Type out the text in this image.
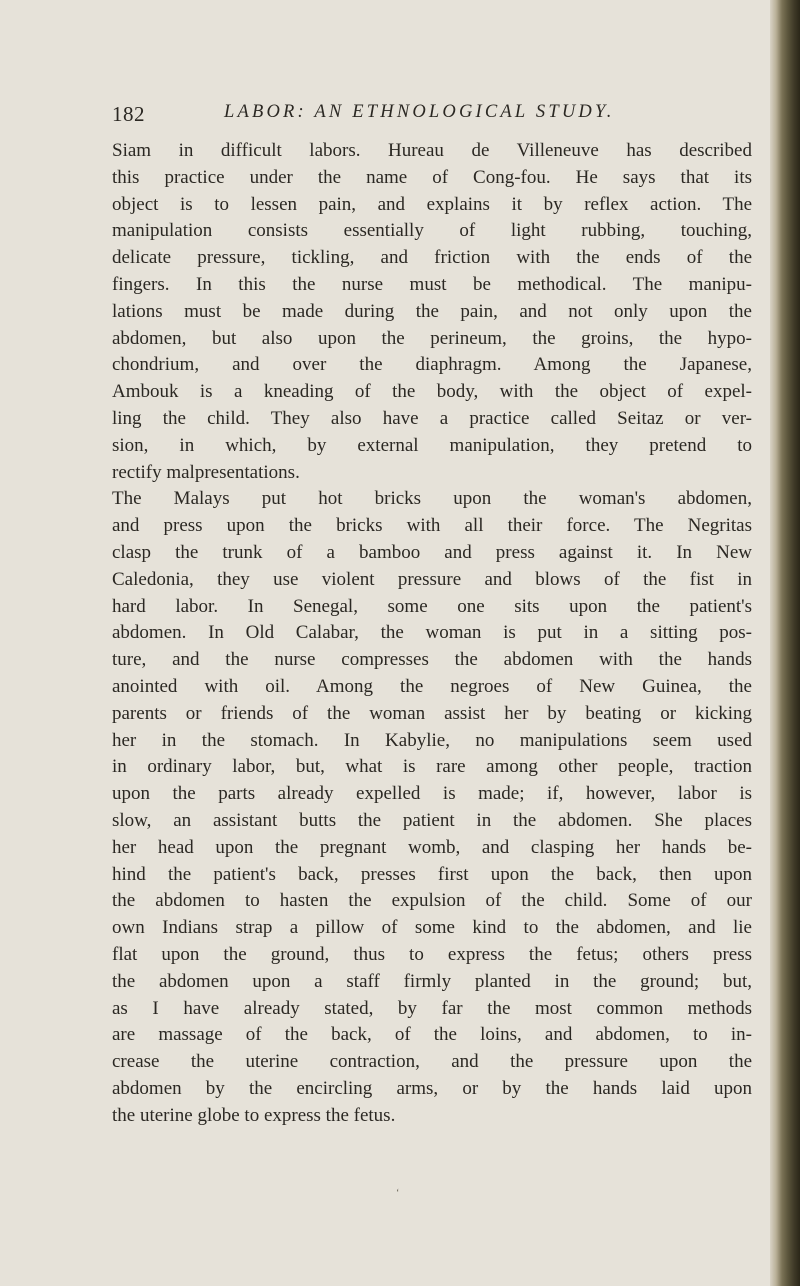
182	LABOR: AN ETHNOLOGICAL STUDY.
Siam in difficult labors. Hureau de Villeneuve has described
this practice under the name of Cong-fou. He says that its
object is to lessen pain, and explains it by reflex action. The
manipulation consists essentially of light rubbing, touching,
delicate pressure, tickling, and friction with the ends of the
fingers. In this the nurse must be methodical. The manipu-
lations must be made during the pain, and not only upon the
abdomen, but also upon the perineum, the groins, the hypo-
chondrium, and over the diaphragm. Among the Japanese,
Ambouk is a kneading of the body, with the object of expel-
ling the child. They also have a practice called Seitaz or ver-
sion, in which, by external manipulation, they pretend to
rectify malpresentations.
The Malays put hot bricks upon the woman's abdomen,
and press upon the bricks with all their force. The Negritas
clasp the trunk of a bamboo and press against it. In New
Caledonia, they use violent pressure and blows of the fist in
hard labor. In Senegal, some one sits upon the patient's
abdomen. In Old Calabar, the woman is put in a sitting pos-
ture, and the nurse compresses the abdomen with the hands
anointed with oil. Among the negroes of New Guinea, the
parents or friends of the woman assist her by beating or kicking
her in the stomach. In Kabylie, no manipulations seem used
in ordinary labor, but, what is rare among other people, traction
upon the parts already expelled is made; if, however, labor is
slow, an assistant butts the patient in the abdomen. She places
her head upon the pregnant womb, and clasping her hands be-
hind the patient's back, presses first upon the back, then upon
the abdomen to hasten the expulsion of the child. Some of our
own Indians strap a pillow of some kind to the abdomen, and lie
flat upon the ground, thus to express the fetus; others press
the abdomen upon a staff firmly planted in the ground; but,
as I have already stated, by far the most common methods
are massage of the back, of the loins, and abdomen, to in-
crease the uterine contraction, and the pressure upon the
abdomen by the encircling arms, or by the hands laid upon
the uterine globe to express the fetus.
‘
